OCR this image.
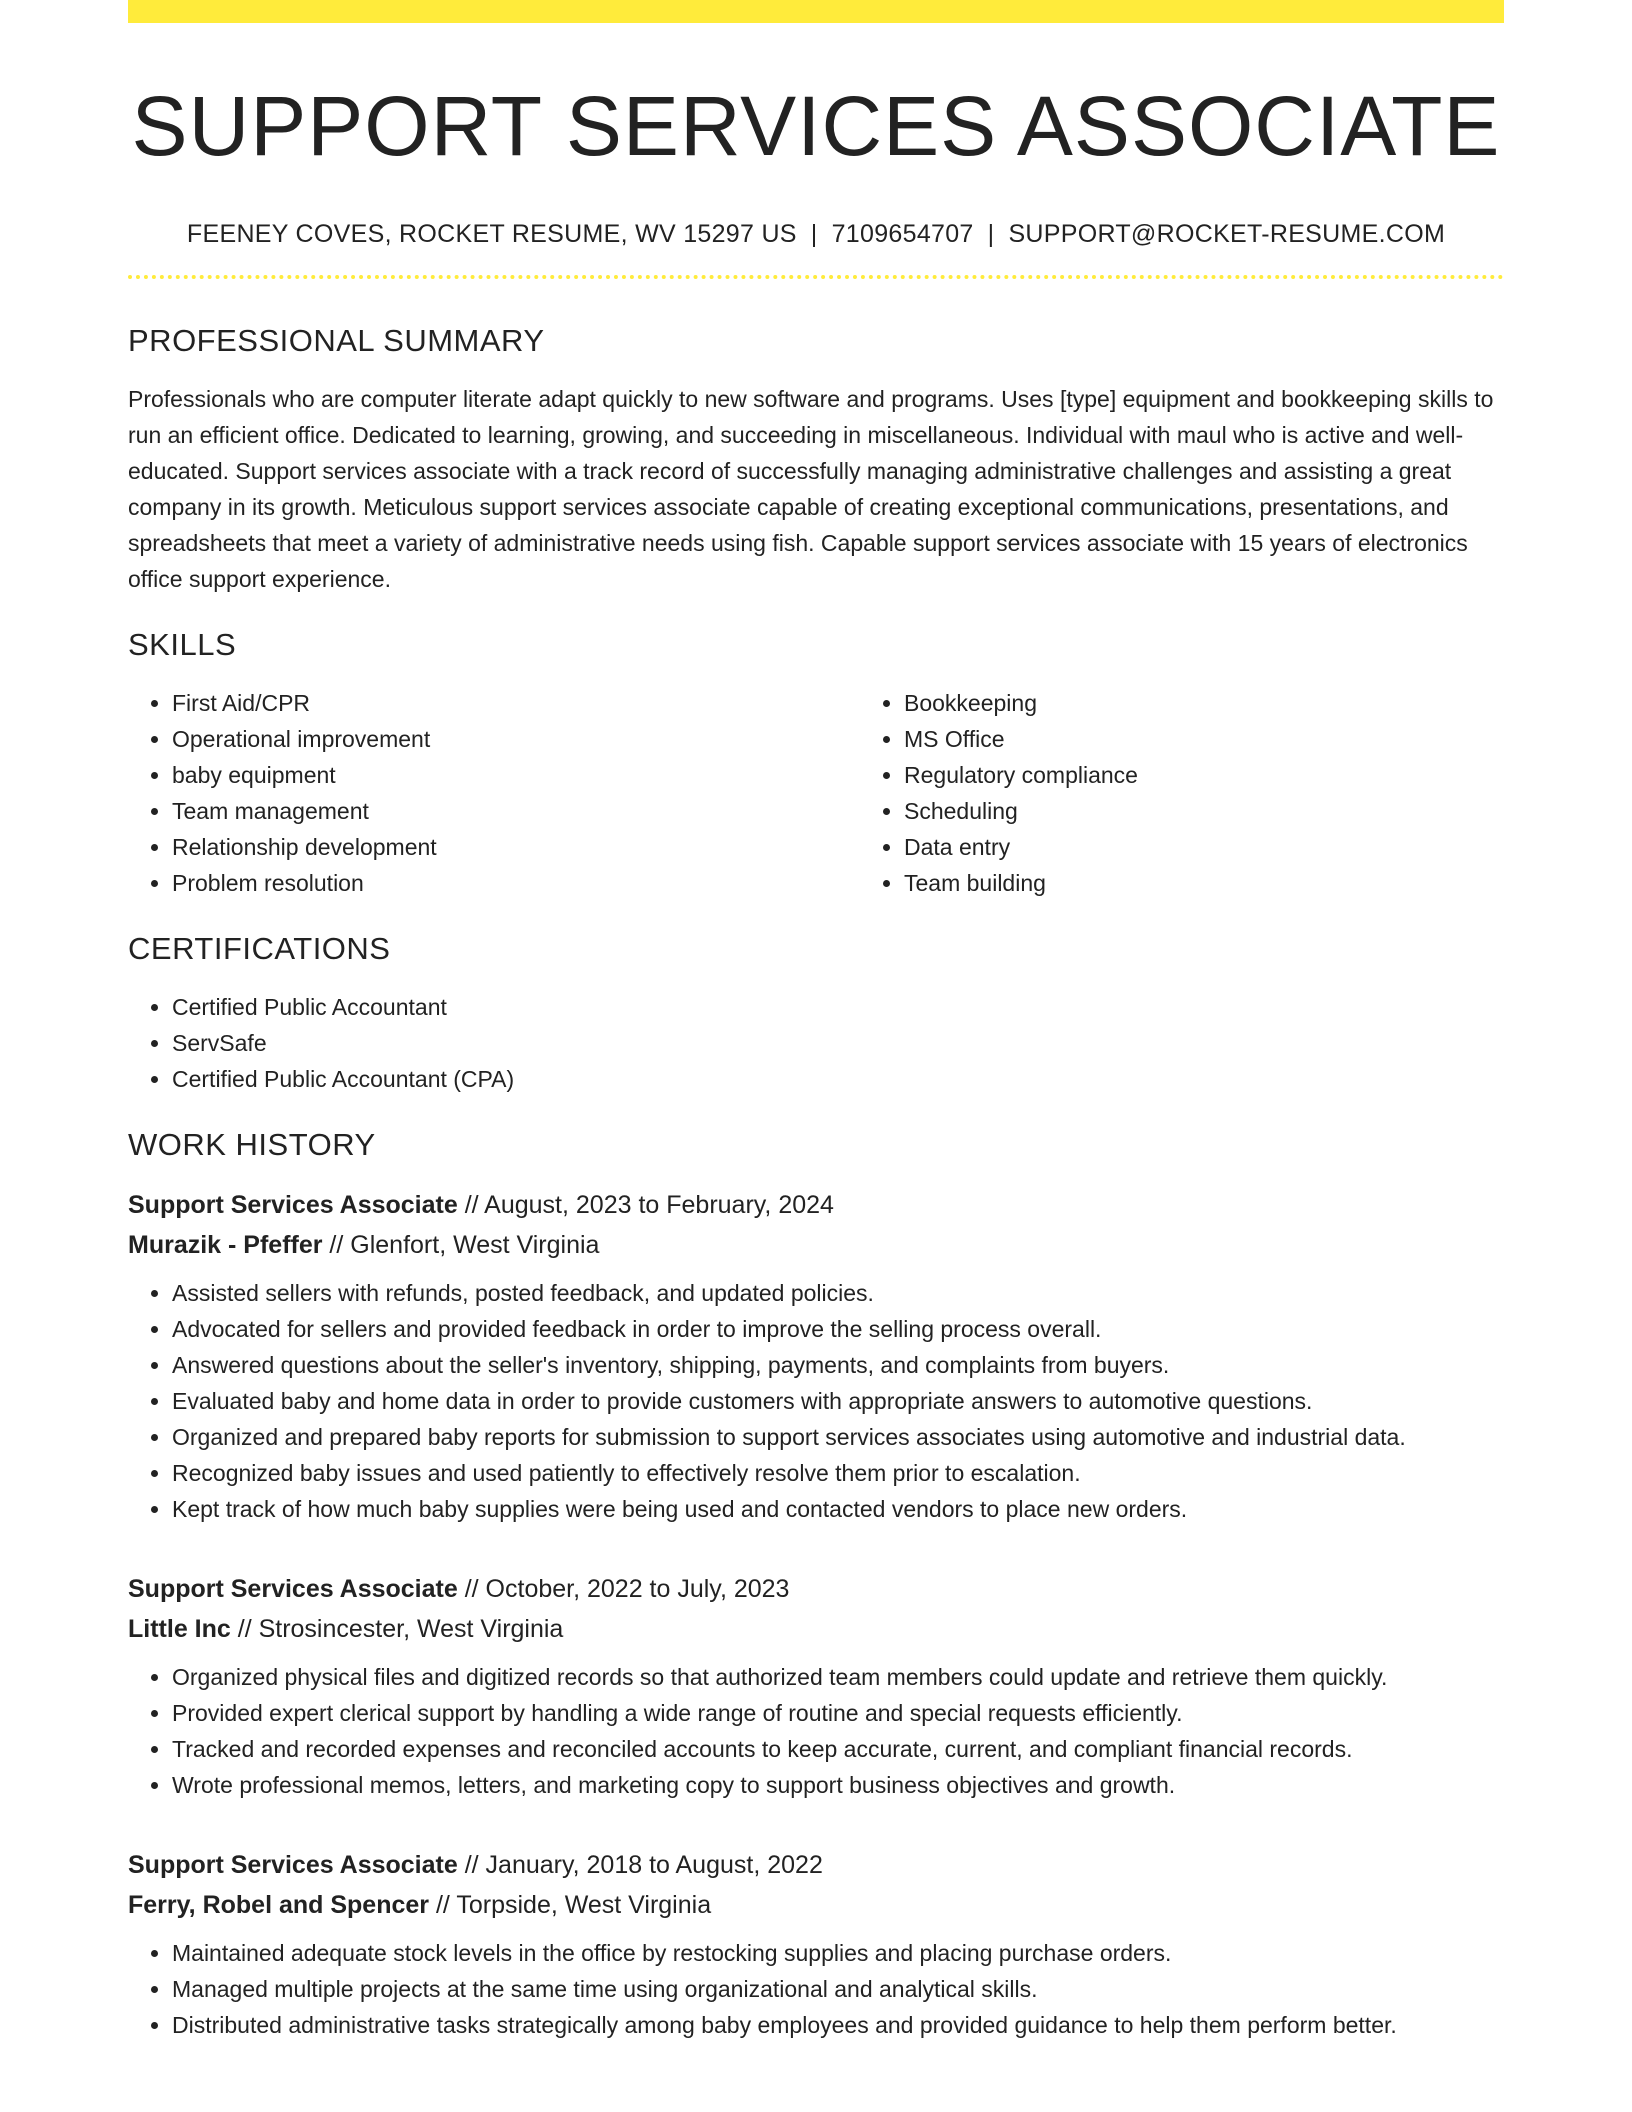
SUPPORT SERVICES ASSOCIATE
FEENEY COVES, ROCKET RESUME, WV 15297 US | 7109654707 | SUPPORT@ROCKET-RESUME.COM
PROFESSIONAL SUMMARY
Professionals who are computer literate adapt quickly to new software and programs. Uses [type] equipment and bookkeeping skills to run an efficient office. Dedicated to learning, growing, and succeeding in miscellaneous. Individual with maul who is active and well-educated. Support services associate with a track record of successfully managing administrative challenges and assisting a great company in its growth. Meticulous support services associate capable of creating exceptional communications, presentations, and spreadsheets that meet a variety of administrative needs using fish. Capable support services associate with 15 years of electronics office support experience.
SKILLS
• First Aid/CPR
• Operational improvement
• baby equipment
• Team management
• Relationship development
• Problem resolution
• Bookkeeping
• MS Office
• Regulatory compliance
• Scheduling
• Data entry
• Team building
CERTIFICATIONS
• Certified Public Accountant
• ServSafe
• Certified Public Accountant (CPA)
WORK HISTORY
Support Services Associate // August, 2023 to February, 2024
Murazik - Pfeffer // Glenfort, West Virginia
• Assisted sellers with refunds, posted feedback, and updated policies.
• Advocated for sellers and provided feedback in order to improve the selling process overall.
• Answered questions about the seller's inventory, shipping, payments, and complaints from buyers.
• Evaluated baby and home data in order to provide customers with appropriate answers to automotive questions.
• Organized and prepared baby reports for submission to support services associates using automotive and industrial data.
• Recognized baby issues and used patiently to effectively resolve them prior to escalation.
• Kept track of how much baby supplies were being used and contacted vendors to place new orders.
Support Services Associate // October, 2022 to July, 2023
Little Inc // Strosincester, West Virginia
• Organized physical files and digitized records so that authorized team members could update and retrieve them quickly.
• Provided expert clerical support by handling a wide range of routine and special requests efficiently.
• Tracked and recorded expenses and reconciled accounts to keep accurate, current, and compliant financial records.
• Wrote professional memos, letters, and marketing copy to support business objectives and growth.
Support Services Associate // January, 2018 to August, 2022
Ferry, Robel and Spencer // Torpside, West Virginia
• Maintained adequate stock levels in the office by restocking supplies and placing purchase orders.
• Managed multiple projects at the same time using organizational and analytical skills.
• Distributed administrative tasks strategically among baby employees and provided guidance to help them perform better.
